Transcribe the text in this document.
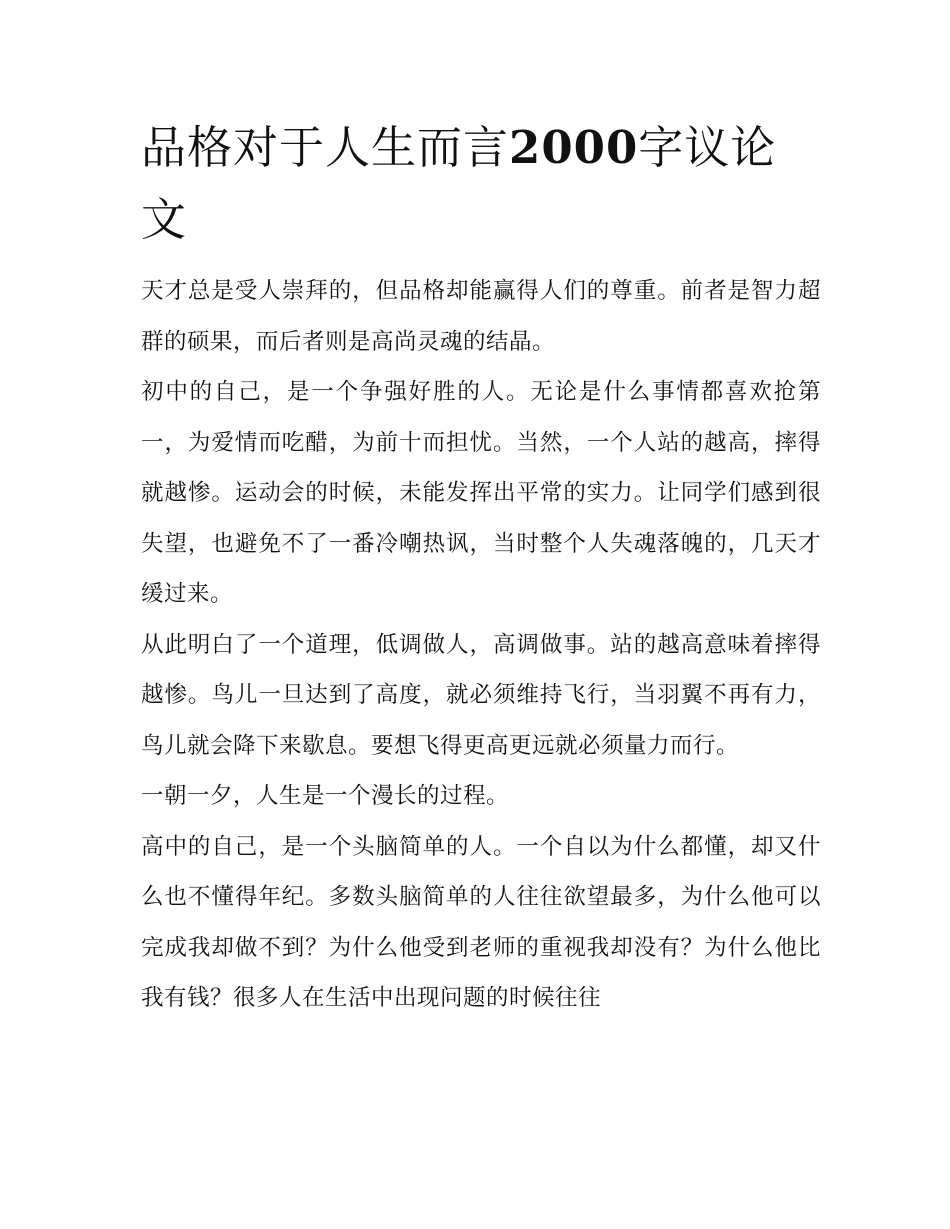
品格对于人生而言2000字议论文

天才总是受人崇拜的，但品格却能赢得人们的尊重。前者是智力超群的硕果，而后者则是高尚灵魂的结晶。

初中的自己，是一个争强好胜的人。无论是什么事情都喜欢抢第一，为爱情而吃醋，为前十而担忧。当然，一个人站的越高，摔得就越惨。运动会的时候，未能发挥出平常的实力。让同学们感到很失望，也避免不了一番冷嘲热讽，当时整个人失魂落魄的，几天才缓过来。

从此明白了一个道理，低调做人，高调做事。站的越高意味着摔得越惨。鸟儿一旦达到了高度，就必须维持飞行，当羽翼不再有力，鸟儿就会降下来歇息。要想飞得更高更远就必须量力而行。

一朝一夕，人生是一个漫长的过程。

高中的自己，是一个头脑简单的人。一个自以为什么都懂，却又什么也不懂得年纪。多数头脑简单的人往往欲望最多，为什么他可以完成我却做不到？为什么他受到老师的重视我却没有？为什么他比我有钱？很多人在生活中出现问题的时候往往
